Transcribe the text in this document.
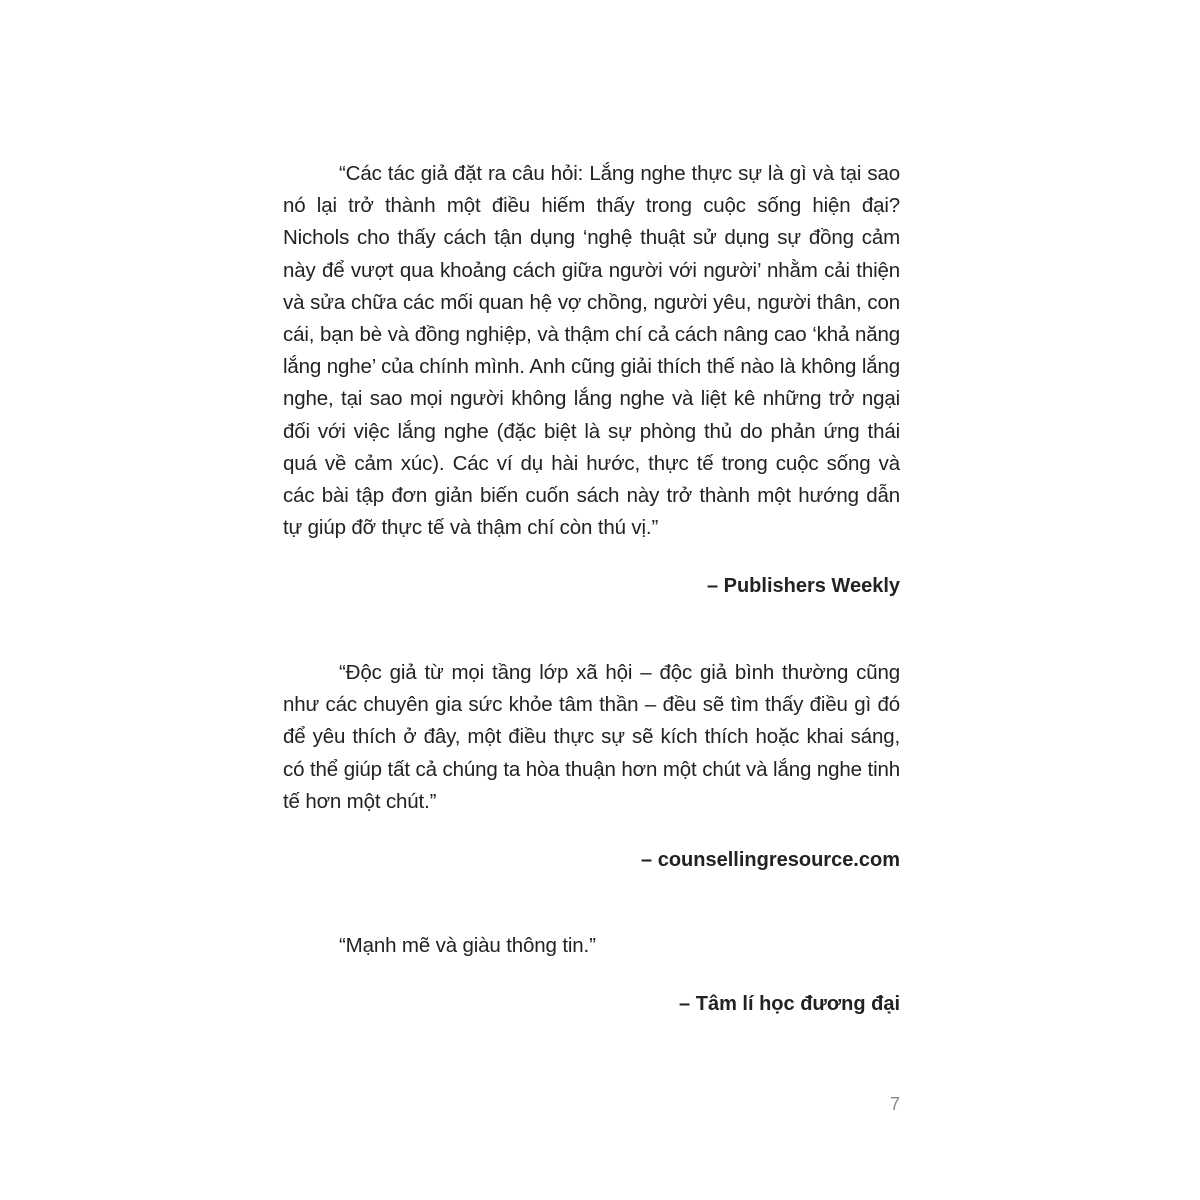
“Các tác giả đặt ra câu hỏi: Lắng nghe thực sự là gì và tại sao nó lại trở thành một điều hiếm thấy trong cuộc sống hiện đại? Nichols cho thấy cách tận dụng ‘nghệ thuật sử dụng sự đồng cảm này để vượt qua khoảng cách giữa người với người’ nhằm cải thiện và sửa chữa các mối quan hệ vợ chồng, người yêu, người thân, con cái, bạn bè và đồng nghiệp, và thậm chí cả cách nâng cao ‘khả năng lắng nghe’ của chính mình. Anh cũng giải thích thế nào là không lắng nghe, tại sao mọi người không lắng nghe và liệt kê những trở ngại đối với việc lắng nghe (đặc biệt là sự phòng thủ do phản ứng thái quá về cảm xúc). Các ví dụ hài hước, thực tế trong cuộc sống và các bài tập đơn giản biến cuốn sách này trở thành một hướng dẫn tự giúp đỡ thực tế và thậm chí còn thú vị.”

– Publishers Weekly

“Độc giả từ mọi tầng lớp xã hội – độc giả bình thường cũng như các chuyên gia sức khỏe tâm thần – đều sẽ tìm thấy điều gì đó để yêu thích ở đây, một điều thực sự sẽ kích thích hoặc khai sáng, có thể giúp tất cả chúng ta hòa thuận hơn một chút và lắng nghe tinh tế hơn một chút.”

– counsellingresource.com

“Mạnh mẽ và giàu thông tin.”

– Tâm lí học đương đại

7
